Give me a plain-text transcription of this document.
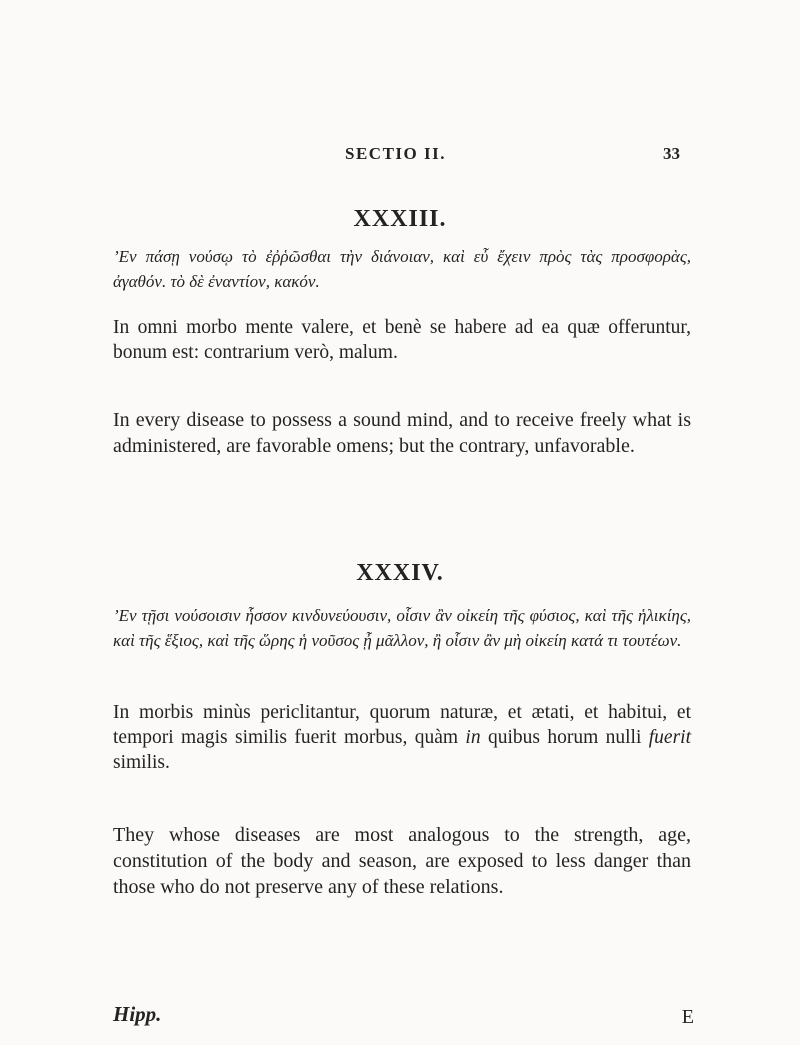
SECTIO II.	33
XXXIII.

’Εν πάσῃ νούσῳ τὸ ἐῤῥῶσθαι τὴν διάνοιαν, καὶ εὖ ἔχειν πρὸς τὰς προσφορὰς, ἀγαθόν. τὸ δὲ ἐναντίον, κακόν.

In omni morbo mente valere, et benè se habere ad ea quæ offeruntur, bonum est: contrarium verò, malum.

In every disease to possess a sound mind, and to receive freely what is administered, are favorable omens; but the contrary, unfavorable.

XXXIV.

’Εν τῇσι νούσοισιν ἧσσον κινδυνεύουσιν, οἷσιν ἂν οἰκείη τῆς φύσιος, καὶ τῆς ἡλικίης, καὶ τῆς ἕξιος, καὶ τῆς ὥρης ἡ νοῦσος ᾖ μᾶλλον, ἢ οἷσιν ἂν μὴ οἰκείη κατά τι τουτέων.

In morbis minùs periclitantur, quorum naturæ, et ætati, et habitui, et tempori magis similis fuerit morbus, quàm in quibus horum nulli fuerit similis.

They whose diseases are most analogous to the strength, age, constitution of the body and season, are exposed to less danger than those who do not preserve any of these relations.

Hipp.	E
